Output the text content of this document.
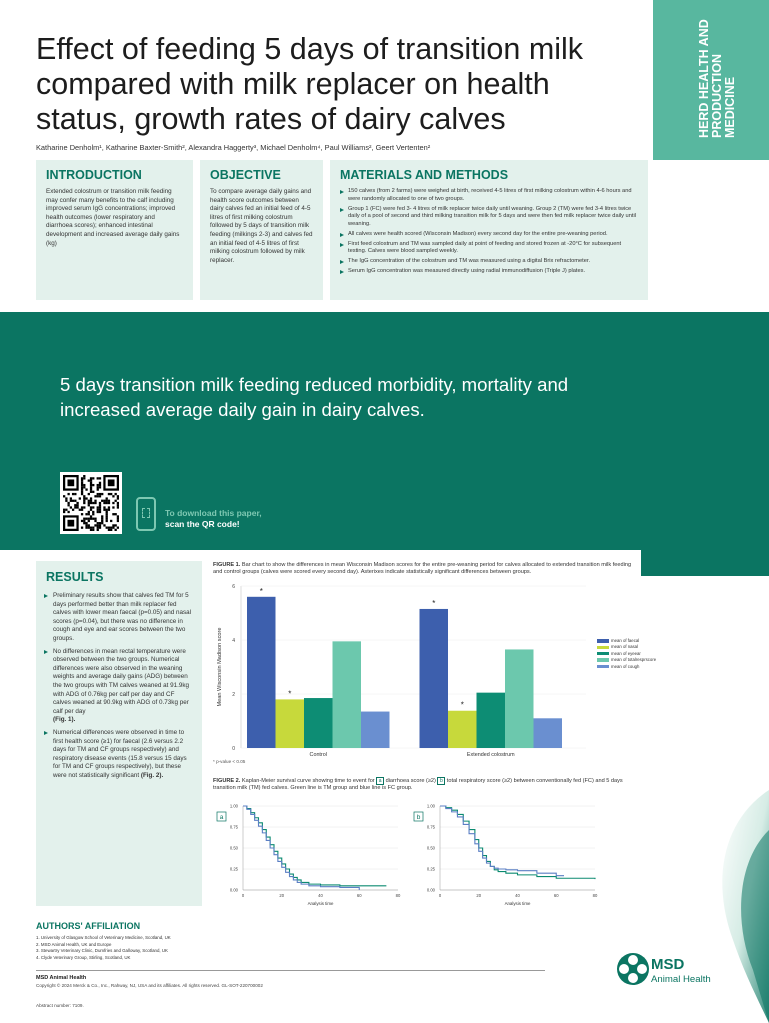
Effect of feeding 5 days of transition milk compared with milk replacer on health status, growth rates of dairy calves
Katharine Denholm¹, Katharine Baxter-Smith², Alexandra Haggerty³, Michael Denholm⁴, Paul Williams², Geert Vertenten²
HERD HEALTH AND PRODUCTION MEDICINE
INTRODUCTION

Extended colostrum or transition milk feeding may confer many benefits to the calf including improved serum IgG concentrations; improved health outcomes (lower respiratory and diarrhoea scores); enhanced intestinal development and increased average daily gains (kg)

OBJECTIVE

To compare average daily gains and health score outcomes between dairy calves fed an initial feed of 4-5 litres of first milking colostrum followed by 5 days of transition milk feeding (milkings 2-3) and calves fed an initial feed of 4-5 litres of first milking colostrum followed by milk replacer.

MATERIALS AND METHODS
150 calves (from 2 farms) were weighed at birth, received 4-5 litres of first milking colostrum within 4-6 hours and were randomly allocated to one of two groups.
Group 1 (FC) were fed 3- 4 litres of milk replacer twice daily until weaning. Group 2 (TM) were fed 3-4 litres twice daily of a pool of second and third milking transition milk for 5 days and were then fed milk replacer twice daily until weaning.
All calves were health scored (Wisconsin Madison) every second day for the entire pre-weaning period.
First feed colostrum and TM was sampled daily at point of feeding and stored frozen at -20°C for subsequent testing. Calves were blood sampled weekly.
The IgG concentration of the colostrum and TM was measured using a digital Brix refractometer.
Serum IgG concentration was measured directly using radial immunodiffusion (Triple J) plates.
5 days transition milk feeding reduced morbidity, mortality and increased average daily gain in dairy calves.
To download this paper,
scan the QR code!
RESULTS
Preliminary results show that calves fed TM for 5 days performed better than milk replacer fed calves with lower mean faecal (p=0.05) and nasal scores (p=0.04), but there was no difference in cough and eye and ear scores between the two groups.
No differences in mean rectal temperature were observed between the two groups. Numerical differences were also observed in the weaning weights and average daily gains (ADG) between the two groups with TM calves weaned at 91.9kg with ADG of 0.76kg per calf per day and CF calves weaned at 90.9kg with ADG of 0.73kg per calf per day
(Fig. 1).
Numerical differences were observed in time to first health score (≥1) for faecal (2.6 versus 2.2 days for TM and CF groups respectively) and respiratory disease events (15.8 versus 15 days for TM and CF groups respectively), but these were not statistically significant (Fig. 2).
FIGURE 1. Bar chart to show the differences in mean Wisconsin Madison scores for the entire pre-weaning period for calves allocated to extended transition milk feeding and control groups (calves were scored every second day). Asterixes indicate statistically significant differences between groups.
0
2
4
6
Mean Wisconsin Madison score
*
*
Control
*
*
Extended colostrum
mean of faecal
mean of nasal
mean of eyeear
mean of totalresprscore
mean of cough
* p-value < 0.05
FIGURE 2. Kaplan-Meier survival curve showing time to event for a diarrhoea score (≥2) b total respiratory score (≥2) between conventionally fed (FC) and 5 days transition milk (TM) fed calves. Green line is TM group and blue line is FC group.
0.00
0.25
0.50
0.75
1.00
0	20	40	60	80
Analysis time
a
0.00
0.25
0.50
0.75
1.00
0	20	40	60	80
Analysis time
b
AUTHORS' AFFILIATION
1. University of Glasgow School of Veterinary Medicine, Scotland, UK
2. MSD Animal Health, UK and Europe
3. Stewartry Veterinary Clinic, Dumfries and Galloway, Scotland, UK
4. Clyde Veterinary Group, Stirling, Scotland, UK
MSD Animal Health
Copyright © 2024 Merck & Co., Inc., Rahway, NJ, USA and its affiliates. All rights reserved. GL-SOT-220700002
Abstract number: 7109.
MSD
Animal Health
